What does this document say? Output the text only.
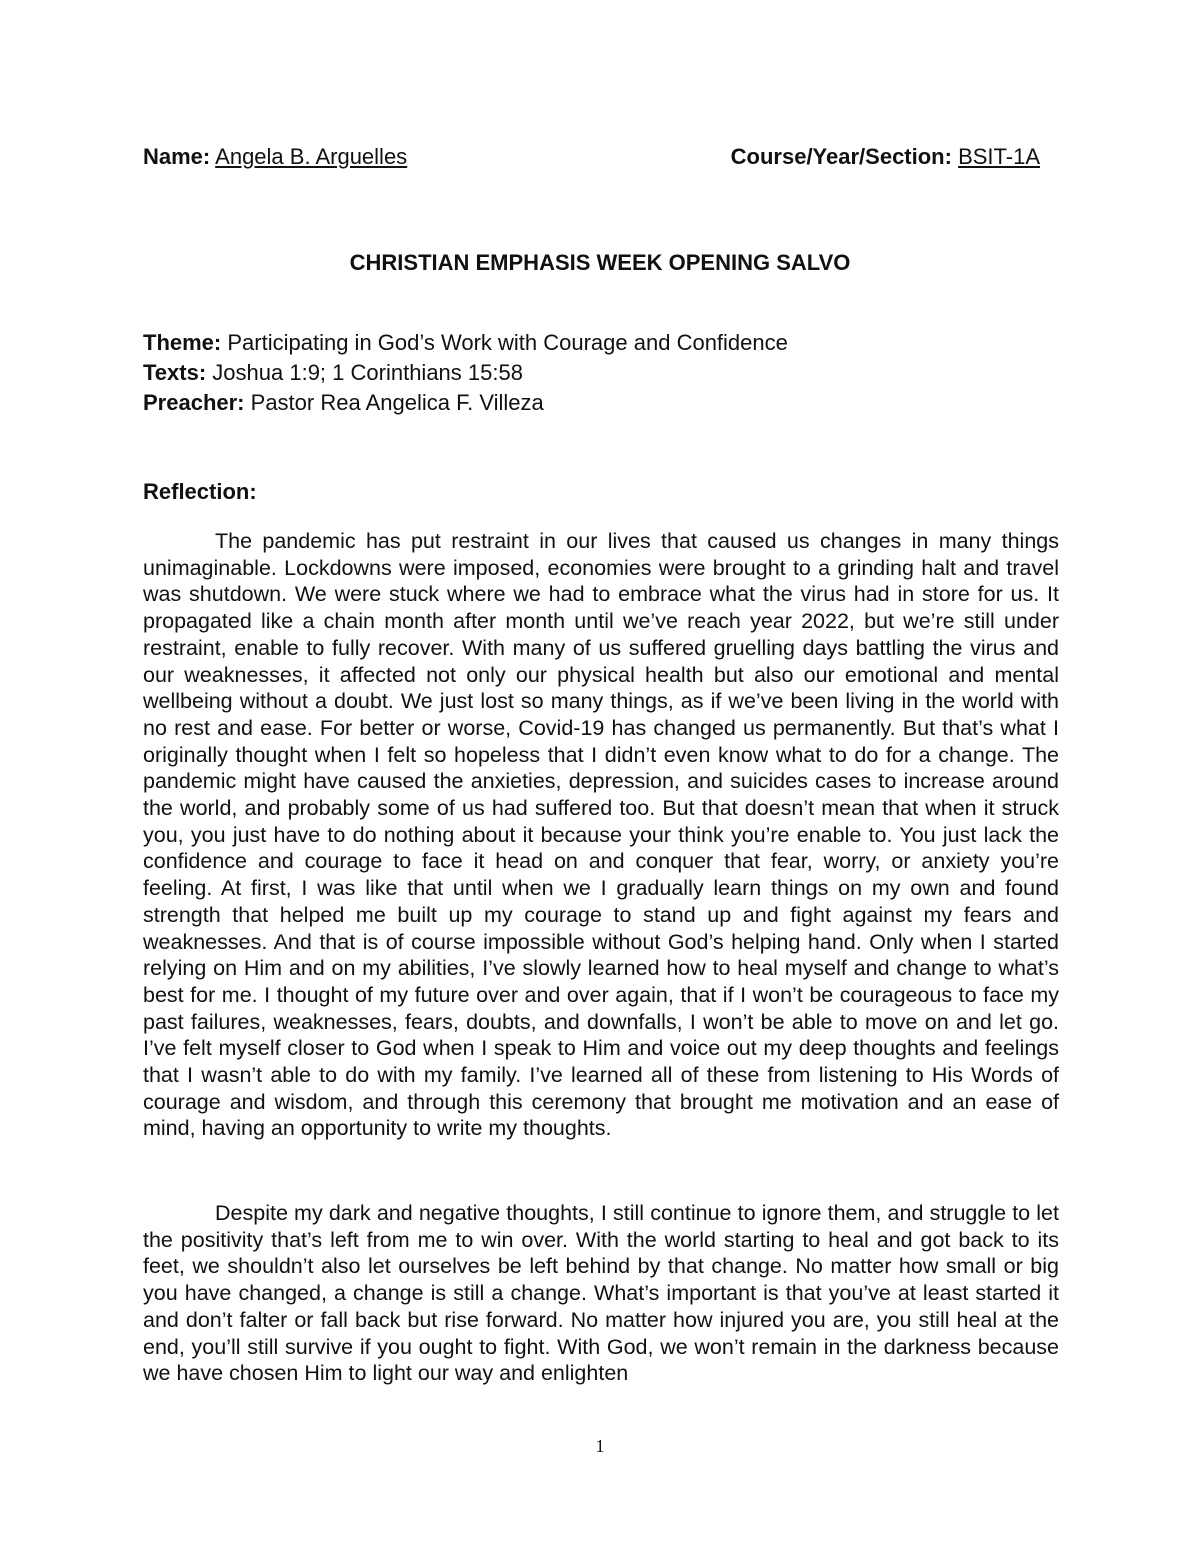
Name: Angela B. Arguelles	Course/Year/Section: BSIT-1A
CHRISTIAN EMPHASIS WEEK OPENING SALVO
Theme: Participating in God’s Work with Courage and Confidence
Texts: Joshua 1:9; 1 Corinthians 15:58
Preacher: Pastor Rea Angelica F. Villeza
Reflection:

The pandemic has put restraint in our lives that caused us changes in many things unimaginable. Lockdowns were imposed, economies were brought to a grinding halt and travel was shutdown. We were stuck where we had to embrace what the virus had in store for us. It propagated like a chain month after month until we’ve reach year 2022, but we’re still under restraint, enable to fully recover. With many of us suffered gruelling days battling the virus and our weaknesses, it affected not only our physical health but also our emotional and mental wellbeing without a doubt. We just lost so many things, as if we’ve been living in the world with no rest and ease. For better or worse, Covid-19 has changed us permanently. But that’s what I originally thought when I felt so hopeless that I didn’t even know what to do for a change. The pandemic might have caused the anxieties, depression, and suicides cases to increase around the world, and probably some of us had suffered too. But that doesn’t mean that when it struck you, you just have to do nothing about it because your think you’re enable to. You just lack the confidence and courage to face it head on and conquer that fear, worry, or anxiety you’re feeling. At first, I was like that until when we I gradually learn things on my own and found strength that helped me built up my courage to stand up and fight against my fears and weaknesses. And that is of course impossible without God’s helping hand. Only when I started relying on Him and on my abilities, I’ve slowly learned how to heal myself and change to what’s best for me. I thought of my future over and over again, that if I won’t be courageous to face my past failures, weaknesses, fears, doubts, and downfalls, I won’t be able to move on and let go. I’ve felt myself closer to God when I speak to Him and voice out my deep thoughts and feelings that I wasn’t able to do with my family. I’ve learned all of these from listening to His Words of courage and wisdom, and through this ceremony that brought me motivation and an ease of mind, having an opportunity to write my thoughts.

Despite my dark and negative thoughts, I still continue to ignore them, and struggle to let the positivity that’s left from me to win over. With the world starting to heal and got back to its feet, we shouldn’t also let ourselves be left behind by that change. No matter how small or big you have changed, a change is still a change. What’s important is that you’ve at least started it and don’t falter or fall back but rise forward. No matter how injured you are, you still heal at the end, you’ll still survive if you ought to fight. With God, we won’t remain in the darkness because we have chosen Him to light our way and enlighten

1
